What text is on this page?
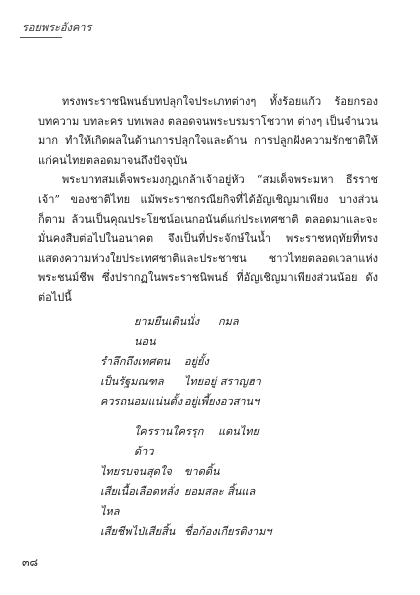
รอยพระอังคาร

ทรงพระราชนิพนธ์บทปลุกใจประเภทต่างๆ ทั้งร้อยแก้ว ร้อยกรอง บทความ บทละคร บทเพลง ตลอดจนพระบรมราโชวาท ต่างๆ เป็นจำนวนมาก ทำให้เกิดผลในด้านการปลุกใจและด้าน การปลูกฝังความรักชาติให้แก่คนไทยตลอดมาจนถึงปัจจุบัน

พระบาทสมเด็จพระมงกุฎเกล้าเจ้าอยู่หัว “สมเด็จพระมหา ธีรราชเจ้า” ของชาติไทย แม้พระราชกรณียกิจที่ได้อัญเชิญมาเพียง บางส่วนก็ตาม ล้วนเป็นคุณประโยชน์อเนกอนันต์แก่ประเทศชาติ ตลอดมาและจะมั่นคงสืบต่อไปในอนาคต จึงเป็นที่ประจักษ์ในน้ำ พระราชหฤทัยที่ทรงแสดงความห่วงใยประเทศชาติและประชาชน ชาวไทยตลอดเวลาแห่งพระชนม์ชีพ ซึ่งปรากฏในพระราชนิพนธ์ ที่อัญเชิญมาเพียงส่วนน้อย ดังต่อไปนี้

ยามยืนเดินนั่งนอน
กมล
รำลึกถึงเทศตน	อยู่ยั้ง
เป็นรัฐมณฑล	ไทยอยู่ สราญฮา
ควรถนอมแน่นตั้ง อยู่เพี้ยงอวสานฯ
ใครรานใครรุกด้าว
แดนไทย
ไทยรบจนสุดใจ	ขาดดิ้น
เสียเนื้อเลือดหลั่งไหล
ยอมสละ สิ้นแล
เสียชีพไป่เสียสิ้น ชื่อก้องเกียรติงามฯ
๓๘
